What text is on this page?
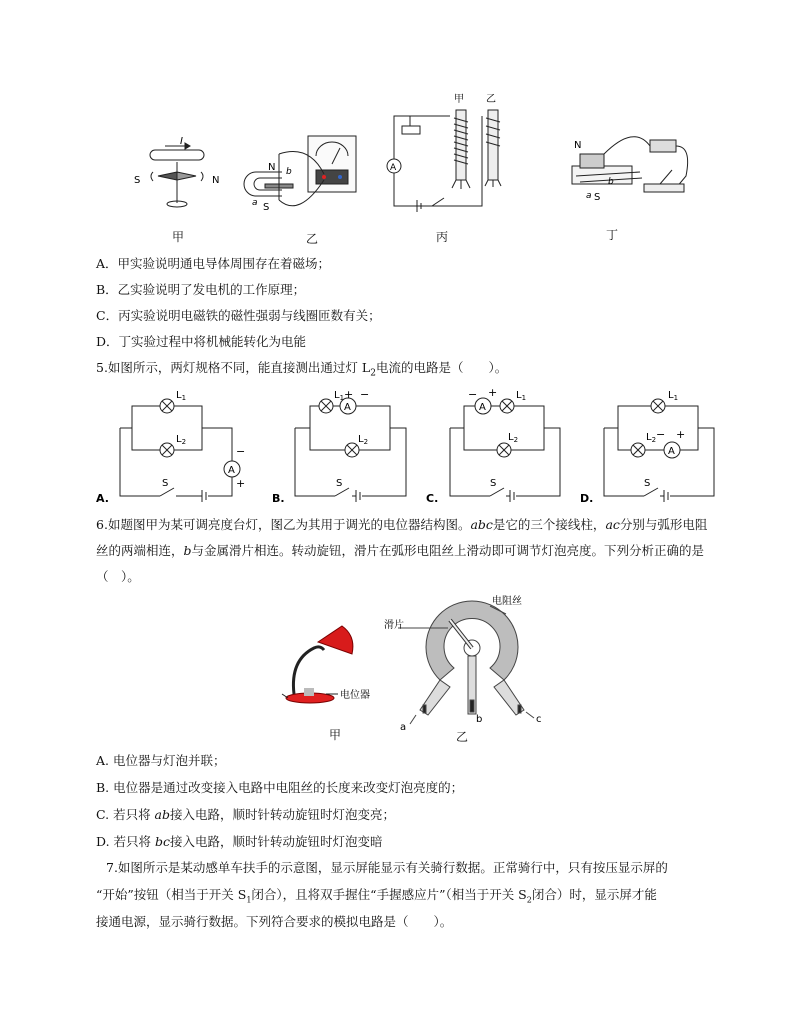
I
S	N
N
S
a
b	A
甲 乙
N
S
a
b
甲	乙	丙	丁
A．甲实验说明通电导体周围存在着磁场；
B．乙实验说明了发电机的工作原理；
C．丙实验说明电磁铁的磁性强弱与线圈匝数有关；
D．丁实验过程中将机械能转化为电能
5.如图所示，两灯规格不同，能直接测出通过灯 $L_2$电流的电路是（　　）。
$L_1$
$L_2$
A
−
+
S
$L_1$ + −
A
$L_2$
S
− +
A
$L_1$
$L_2$
S
$L_1$
$L_2$ − +
A
S
A.	B.	C.	D.
6.如题图甲为某可调亮度台灯，图乙为其用于调光的电位器结构图。abc是它的三个接线柱，ac分别与弧形电阻丝的两端相连，b与金属滑片相连。转动旋钮，滑片在弧形电阻丝上滑动即可调节灯泡亮度。下列分析正确的是（　）。
电位器
电阻丝
滑片
a
b	c
甲	乙
A. 电位器与灯泡并联；
B. 电位器是通过改变接入电路中电阻丝的长度来改变灯泡亮度的；
C. 若只将 ab接入电路，顺时针转动旋钮时灯泡变亮；
D. 若只将 bc接入电路，顺时针转动旋钮时灯泡变暗
7.如图所示是某动感单车扶手的示意图，显示屏能显示有关骑行数据。正常骑行中，只有按压显示屏的
“开始”按钮（相当于开关 $S_1$闭合），且将双手握住“手握感应片”（相当于开关 $S_2$闭合）时，显示屏才能
接通电源，显示骑行数据。下列符合要求的模拟电路是（　　）。
